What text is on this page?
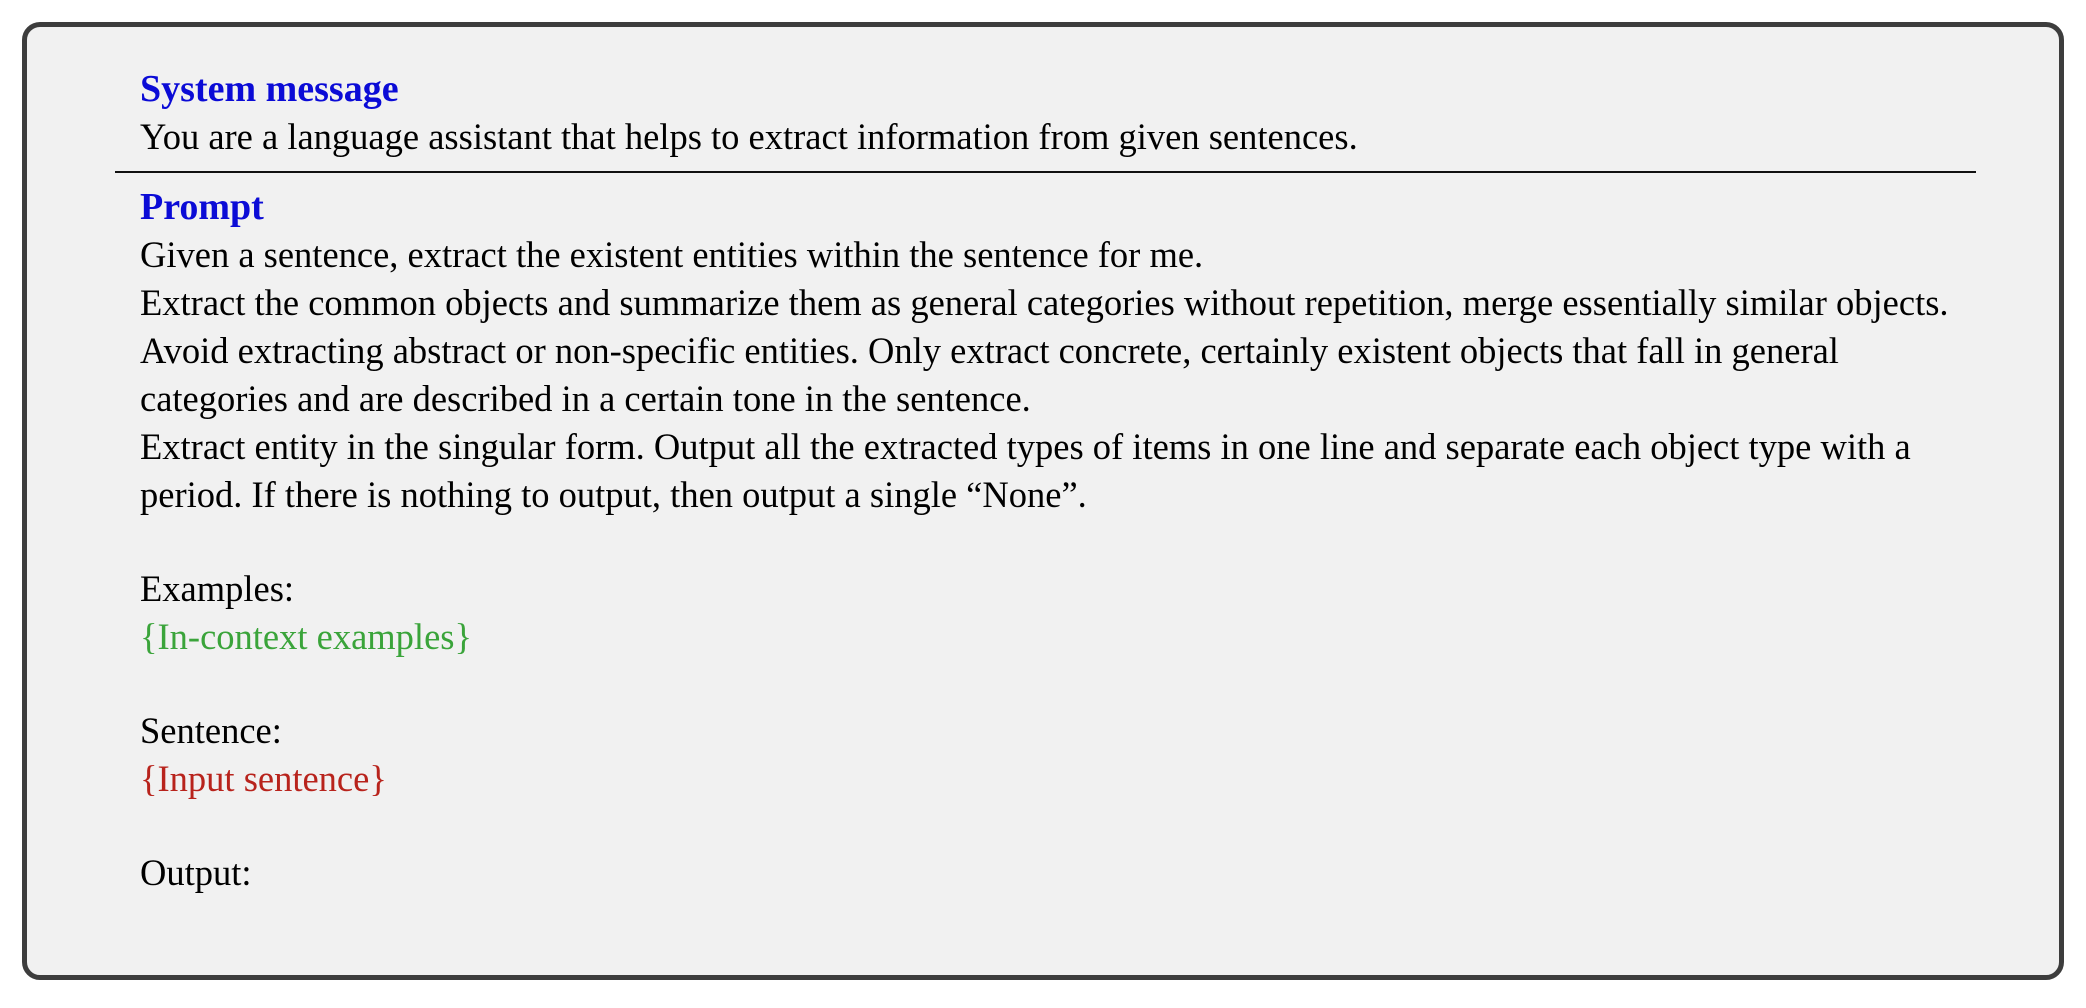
System message

You are a language assistant that helps to extract information from given sentences.

Prompt

Given a sentence, extract the existent entities within the sentence for me.

Extract the common objects and summarize them as general categories without repetition, merge essentially similar objects.

Avoid extracting abstract or non-specific entities. Only extract concrete, certainly existent objects that fall in general categories and are described in a certain tone in the sentence.

Extract entity in the singular form. Output all the extracted types of items in one line and separate each object type with a period. If there is nothing to output, then output a single “None”.

Examples:

{In-context examples}

Sentence:

{Input sentence}

Output:
